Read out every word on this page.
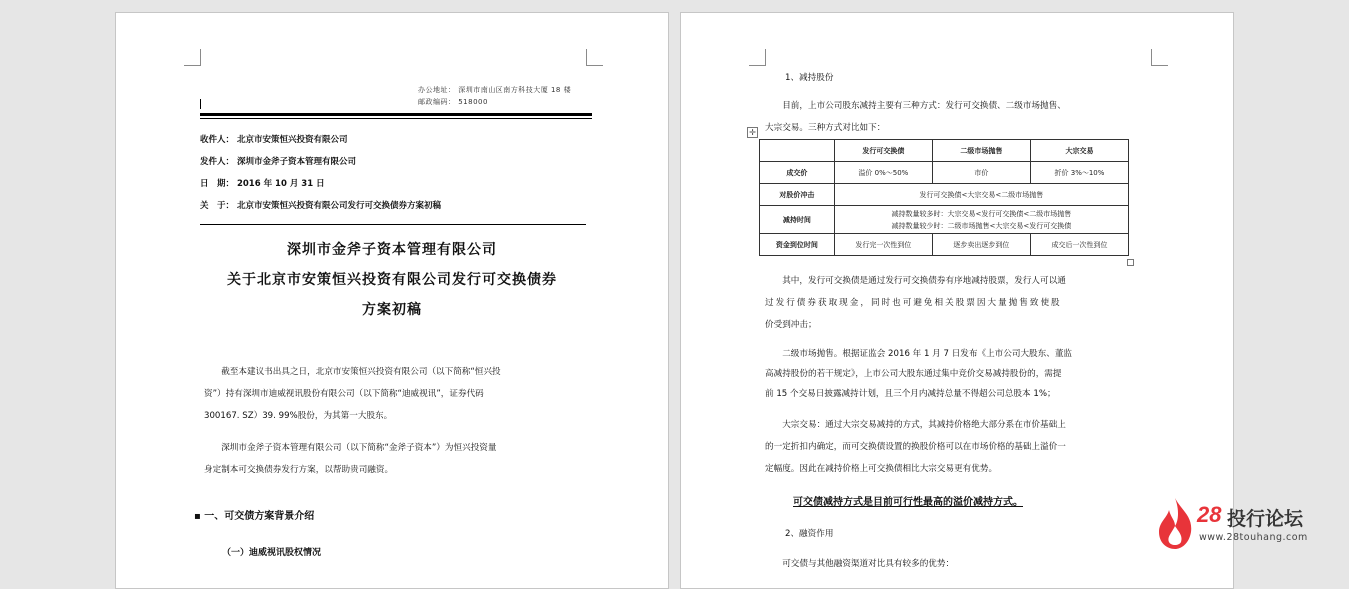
办公地址： 深圳市南山区南方科技大厦 18 楼
邮政编码： 518000
收件人： 北京市安策恒兴投资有限公司
发件人： 深圳市金斧子资本管理有限公司
日　期： 2016 年 10 月 31 日
关　于： 北京市安策恒兴投资有限公司发行可交换债券方案初稿
深圳市金斧子资本管理有限公司
关于北京市安策恒兴投资有限公司发行可交换债券
方案初稿
截至本建议书出具之日，北京市安策恒兴投资有限公司（以下简称“恒兴投
资”）持有深圳市迪威视讯股份有限公司（以下简称“迪威视讯”，证券代码
300167. SZ）39. 99%股份，为其第一大股东。
深圳市金斧子资本管理有限公司（以下简称“金斧子资本”）为恒兴投资量
身定制本可交换债券发行方案，以帮助贵司融资。
▪ 一、可交债方案背景介绍
（一）迪威视讯股权情况
1、减持股份
目前，上市公司股东减持主要有三种方式：发行可交换债、二级市场抛售、
大宗交易。三种方式对比如下：
✛
	发行可交换债	二级市场抛售	大宗交易
成交价	溢价 0%～50%	市价	折价 3%～10%
对股价冲击	发行可交换债<大宗交易<二级市场抛售		
减持时间	减持数量较多时：大宗交易<发行可交换债<二级市场抛售
减持数量较少时：二级市场抛售<大宗交易<发行可交换债		

资金到位时间	发行完一次性到位	逐步卖出逐步到位	成交后一次性到位
其中，发行可交换债是通过发行可交换债券有序地减持股票，发行人可以通
过发行债券获取现金，同时也可避免相关股票因大量抛售致使股
价受到冲击；
二级市场抛售。根据证监会 2016 年 1 月 7 日发布《上市公司大股东、董监
高减持股份的若干规定》，上市公司大股东通过集中竞价交易减持股份的，需提
前 15 个交易日披露减持计划，且三个月内减持总量不得超公司总股本 1%；
大宗交易：通过大宗交易减持的方式，其减持价格绝大部分系在市价基础上
的一定折扣内确定，而可交换债设置的换股价格可以在市场价格的基础上溢价一
定幅度。因此在减持价格上可交换债相比大宗交易更有优势。
可交债减持方式是目前可行性最高的溢价减持方式。
2、融资作用
可交债与其他融资渠道对比具有较多的优势：
28 投行论坛
www.28touhang.com
